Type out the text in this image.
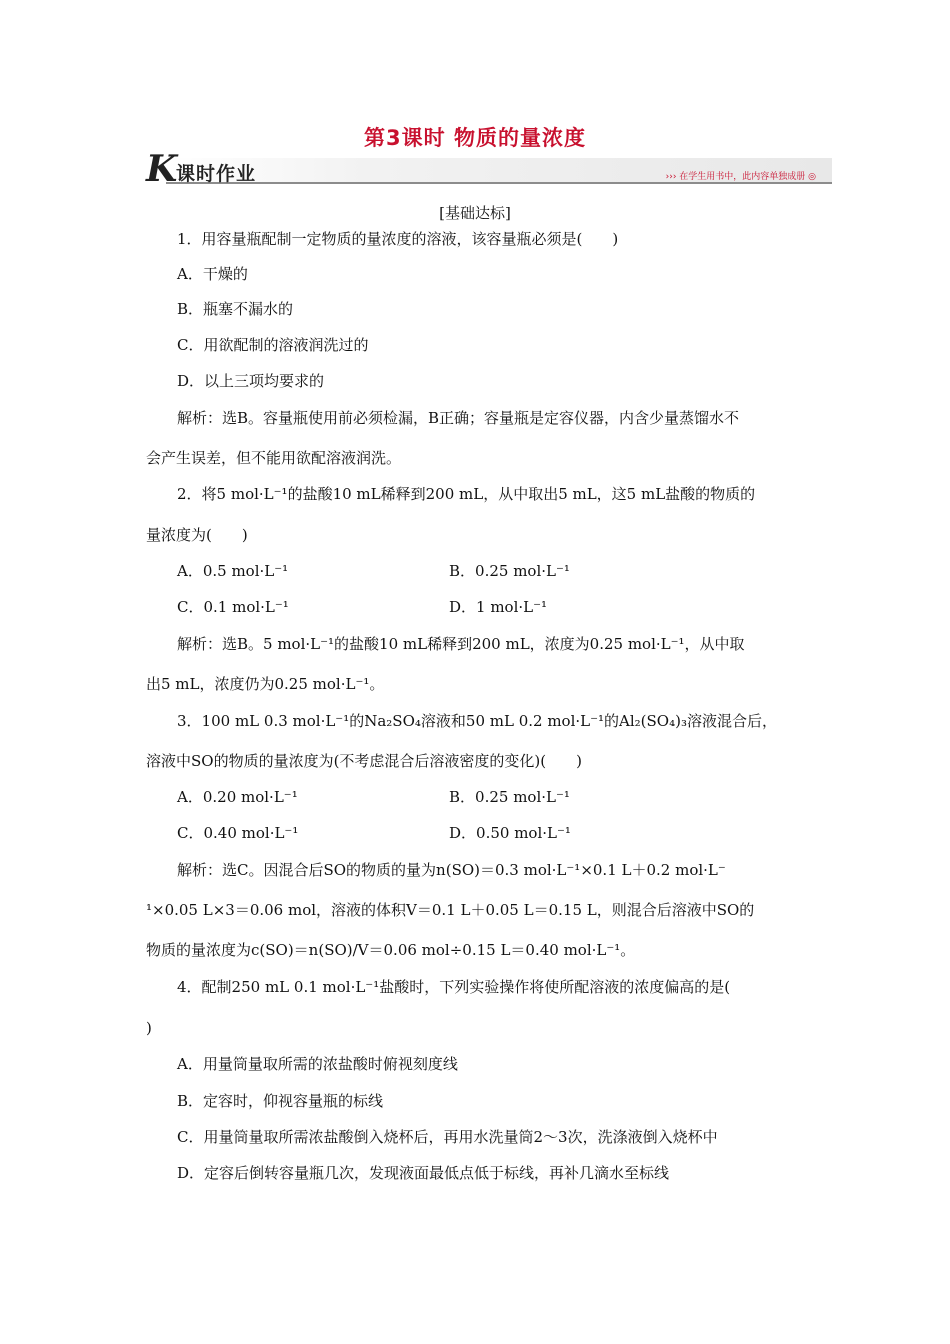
第3课时 物质的量浓度
K
课时作业	››› 在学生用书中，此内容单独成册 ◎
[基础达标]
1．用容量瓶配制一定物质的量浓度的溶液，该容量瓶必须是(　　)
A．干燥的
B．瓶塞不漏水的
C．用欲配制的溶液润洗过的
D．以上三项均要求的
解析：选B。容量瓶使用前必须检漏，B正确；容量瓶是定容仪器，内含少量蒸馏水不
会产生误差，但不能用欲配溶液润洗。
2．将5 mol·L⁻¹的盐酸10 mL稀释到200 mL，从中取出5 mL，这5 mL盐酸的物质的
量浓度为(　　)
A．0.5 mol·L⁻¹	B．0.25 mol·L⁻¹
C．0.1 mol·L⁻¹	D．1 mol·L⁻¹
解析：选B。5 mol·L⁻¹的盐酸10 mL稀释到200 mL，浓度为0.25 mol·L⁻¹，从中取
出5 mL，浓度仍为0.25 mol·L⁻¹。
3．100 mL 0.3 mol·L⁻¹的Na₂SO₄溶液和50 mL 0.2 mol·L⁻¹的Al₂(SO₄)₃溶液混合后，
溶液中SO的物质的量浓度为(不考虑混合后溶液密度的变化)(　　)
A．0.20 mol·L⁻¹	B．0.25 mol·L⁻¹
C．0.40 mol·L⁻¹	D．0.50 mol·L⁻¹
解析：选C。因混合后SO的物质的量为n(SO)＝0.3 mol·L⁻¹×0.1 L＋0.2 mol·L⁻
¹×0.05 L×3＝0.06 mol，溶液的体积V＝0.1 L＋0.05 L＝0.15 L，则混合后溶液中SO的
物质的量浓度为c(SO)＝n(SO)/V＝0.06 mol÷0.15 L＝0.40 mol·L⁻¹。
4．配制250 mL 0.1 mol·L⁻¹盐酸时，下列实验操作将使所配溶液的浓度偏高的是(
)
A．用量筒量取所需的浓盐酸时俯视刻度线
B．定容时，仰视容量瓶的标线
C．用量筒量取所需浓盐酸倒入烧杯后，再用水洗量筒2～3次，洗涤液倒入烧杯中
D．定容后倒转容量瓶几次，发现液面最低点低于标线，再补几滴水至标线
